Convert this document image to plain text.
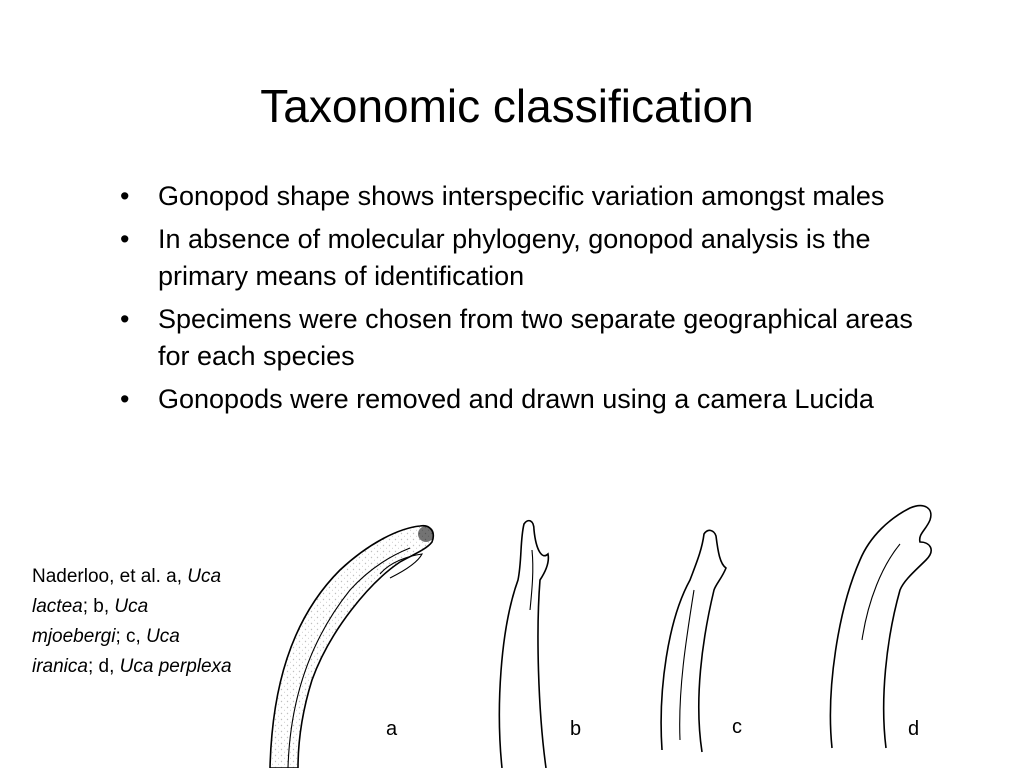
Taxonomic classification
• Gonopod shape shows interspecific variation amongst males
• In absence of molecular phylogeny, gonopod analysis is the primary means of identification
• Specimens were chosen from two separate geographical areas for each species
• Gonopods were removed and drawn using a camera Lucida
Naderloo, et al. a, Uca lactea; b, Uca mjoebergi; c, Uca iranica; d, Uca perplexa
a	b	c	d
